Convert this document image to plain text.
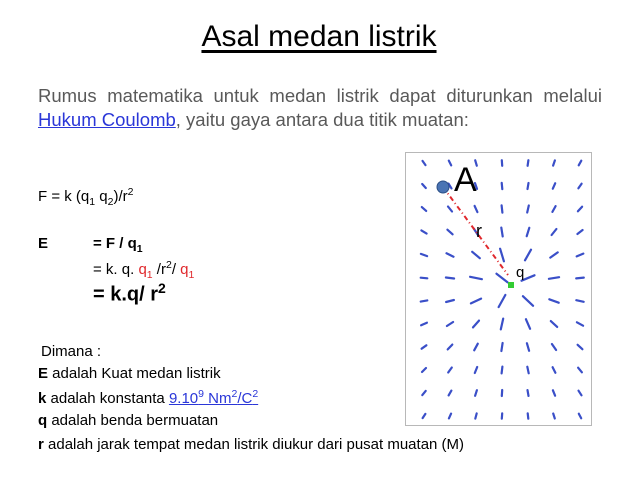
Asal medan listrik
Rumus matematika untuk medan listrik dapat diturunkan melalui Hukum Coulomb, yaitu gaya antara dua titik muatan:
F = k ($q_1$ $q_2)/r^2$
E	= F / $q_1$
= k. q. $q_1$ $/r^2/$ $q_1$
= k.q/ $r^2$
Dimana :
E adalah Kuat medan listrik
k adalah konstanta 9.10$^9$ $Nm^2/C^2$
q adalah benda bermuatan
r adalah jarak tempat medan listrik diukur dari pusat muatan (M)
A
r
q
